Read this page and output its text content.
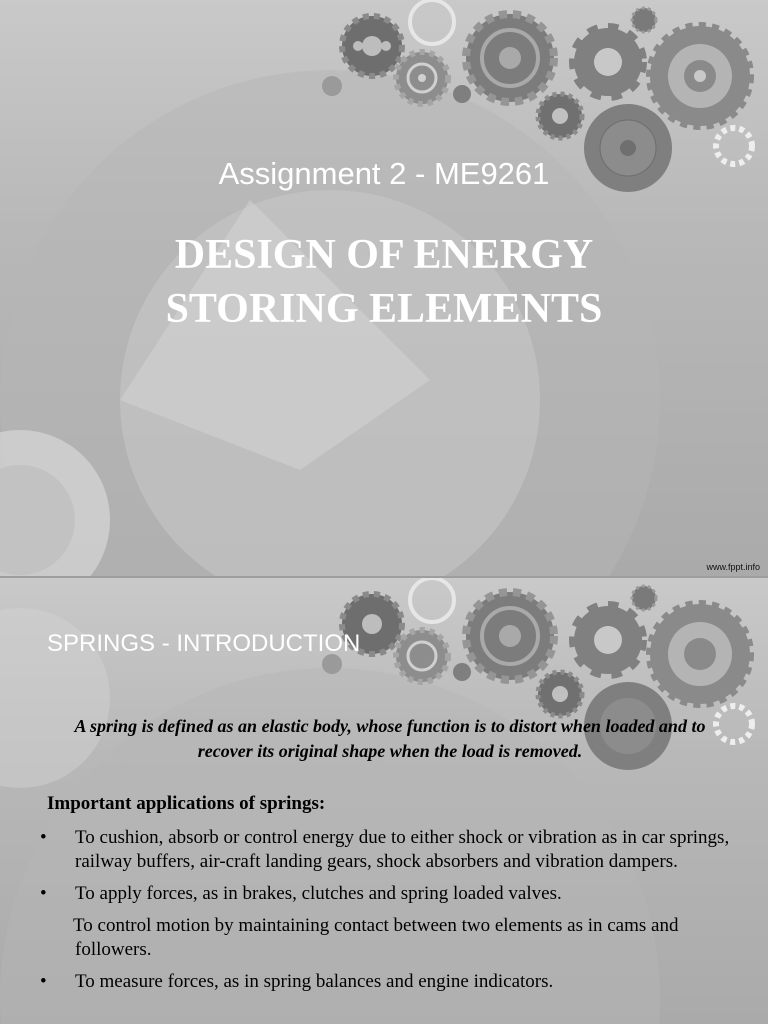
Assignment 2 - ME9261
DESIGN OF ENERGY
STORING ELEMENTS
www.fppt.info
SPRINGS - INTRODUCTION
A spring is defined as an elastic body, whose function is to distort when loaded and to recover its original shape when the load is removed.
Important applications of springs:
• To cushion, absorb or control energy due to either shock or vibration as in car springs, railway buffers, air-craft landing gears, shock absorbers and vibration dampers.
• To apply forces, as in brakes, clutches and spring loaded valves.
To control motion by maintaining contact between two elements as in cams and followers.
• To measure forces, as in spring balances and engine indicators.
